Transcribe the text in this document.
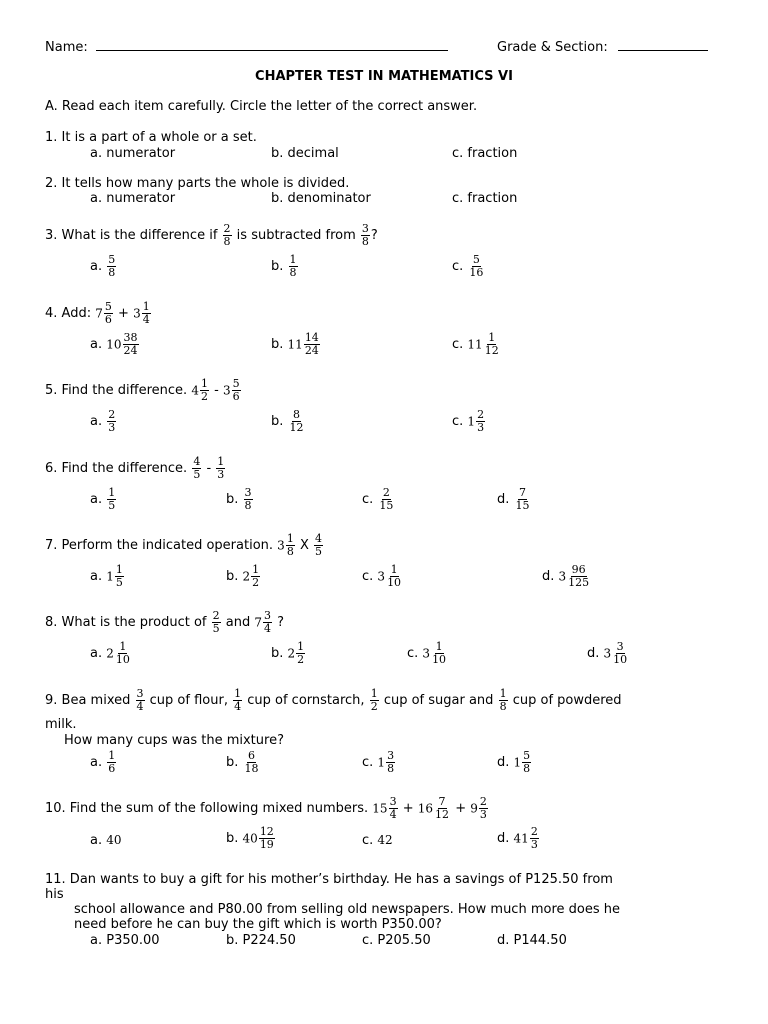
Name:	Grade & Section:
CHAPTER TEST IN MATHEMATICS VI
A. Read each item carefully. Circle the letter of the correct answer.
1. It is a part of a whole or a set.
a. numerator	b. decimal	c. fraction
2. It tells how many parts the whole is divided.
a. numerator	b. denominator	c. fraction
3. What is the difference if $\frac{2}{8}$ is subtracted from $\frac{3}{8}$ ?
a. $\frac{5}{8}$	b. $\frac{1}{8}$	c. $\frac{5}{16}$
4. Add: $7 \frac{5}{6} + 3 \frac{1}{4}$
a. $10 \frac{38}{24}$	b. $11 \frac{14}{24}$	c. $11 \frac{1}{12}$
5. Find the difference. $4 \frac{1}{2} - 3 \frac{5}{6}$
a. $\frac{2}{3}$	b. $\frac{8}{12}$	c. $1 \frac{2}{3}$
6. Find the difference. $\frac{4}{5} - \frac{1}{3}$
a. $\frac{1}{5}$	b. $\frac{3}{8}$	c. $\frac{2}{15}$	d. $\frac{7}{15}$
7. Perform the indicated operation. $3 \frac{1}{8}$ X $\frac{4}{5}$
a. $1 \frac{1}{5}$	b. $2 \frac{1}{2}$	c. $3 \frac{1}{10}$	d. $3 \frac{96}{125}$
8. What is the product of $\frac{2}{5}$ and $7 \frac{3}{4}$ ?
a. $2 \frac{1}{10}$	b. $2 \frac{1}{2}$	c. $3 \frac{1}{10}$	d. $3 \frac{3}{10}$
9. Bea mixed $\frac{3}{4}$ cup of flour, $\frac{1}{4}$ cup of cornstarch, $\frac{1}{2}$ cup of sugar and $\frac{1}{8}$ cup of powdered
milk.
How many cups was the mixture?
a. $\frac{1}{6}$	b. $\frac{6}{18}$	c. $1 \frac{3}{8}$	d. $1 \frac{5}{8}$
10. Find the sum of the following mixed numbers. $15 \frac{3}{4} + 16 \frac{7}{12} + 9 \frac{2}{3}$
a. 40	b. $40 \frac{12}{19}$	c. 42	d. $41 \frac{2}{3}$
11. Dan wants to buy a gift for his mother’s birthday. He has a savings of P125.50 from
his
school allowance and P80.00 from selling old newspapers. How much more does he
need before he can buy the gift which is worth P350.00?
a. P350.00	b. P224.50	c. P205.50	d. P144.50
